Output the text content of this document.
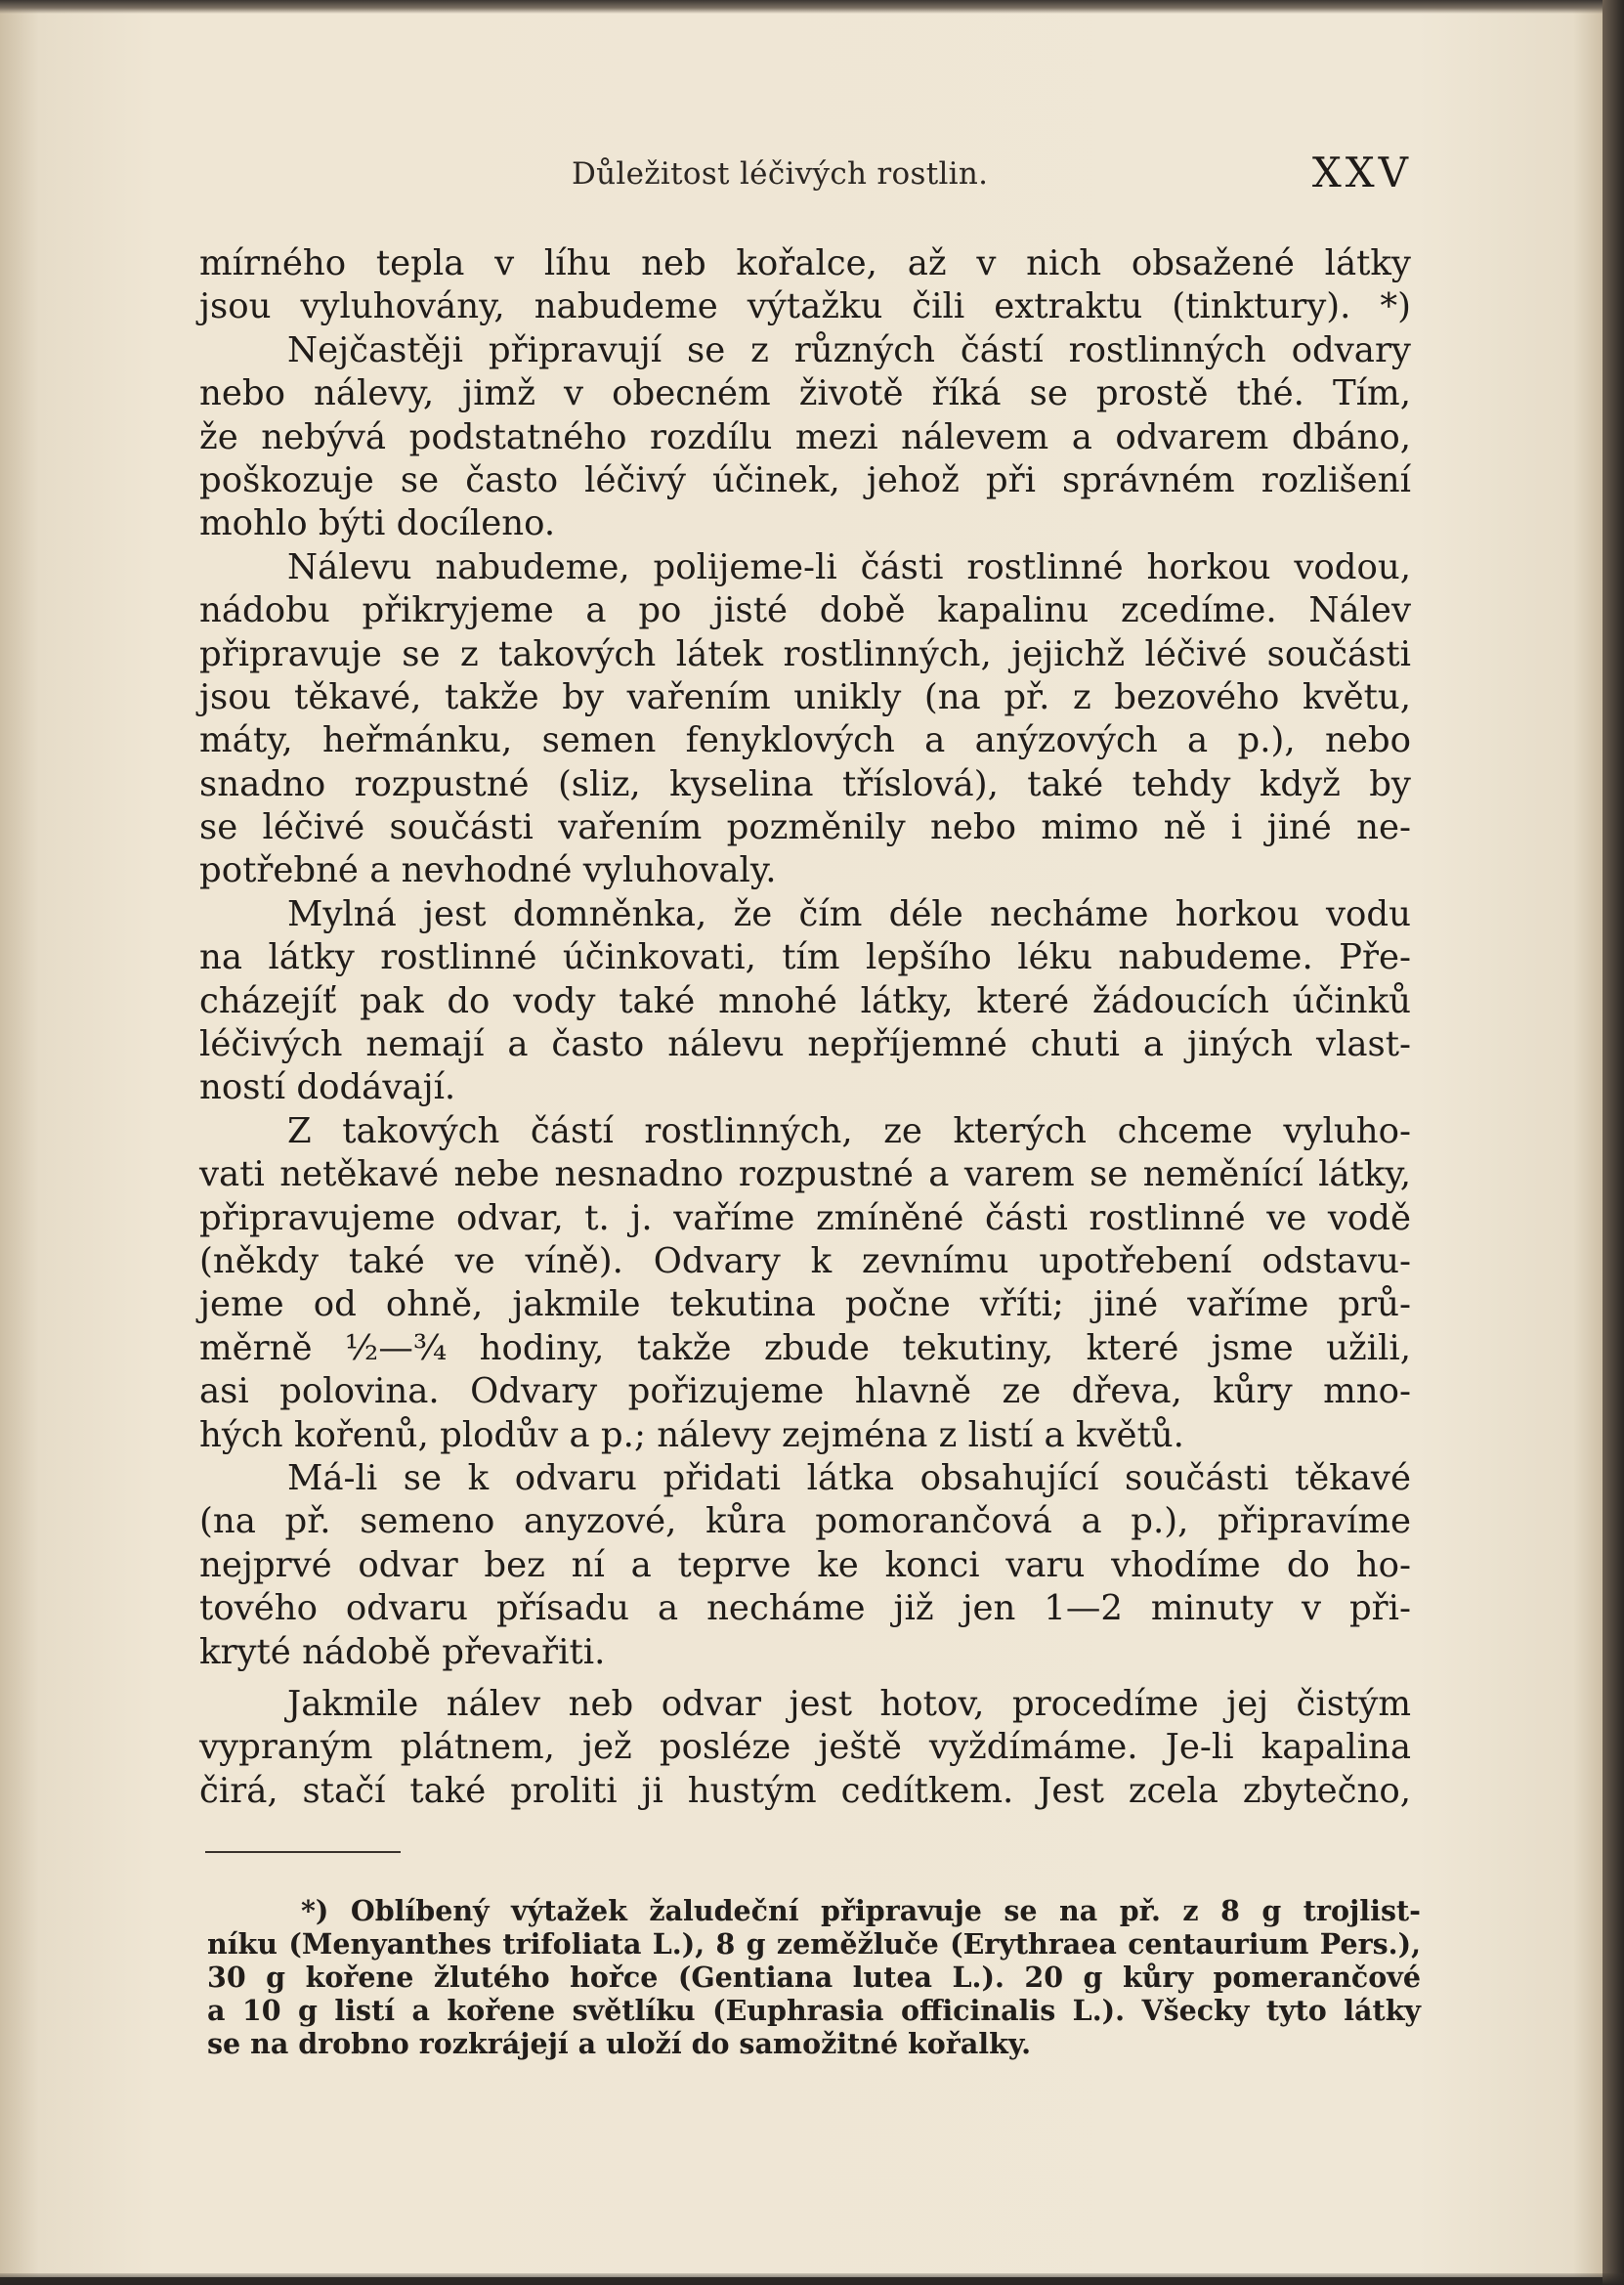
Důležitost léčivých rostlin.	XXV
mírného tepla v líhu neb kořalce, až v nich obsažené látky
jsou vyluhovány, nabudeme výtažku čili extraktu (tinktury). *)
Nejčastěji připravují se z různých částí rostlinných odvary
nebo nálevy, jimž v obecném životě říká se prostě thé. Tím,
že nebývá podstatného rozdílu mezi nálevem a odvarem dbáno,
poškozuje se často léčivý účinek, jehož při správném rozlišení
mohlo býti docíleno.
Nálevu nabudeme, polijeme-li části rostlinné horkou vodou,
nádobu přikryjeme a po jisté době kapalinu zcedíme. Nálev
připravuje se z takových látek rostlinných, jejichž léčivé součásti
jsou těkavé, takže by vařením unikly (na př. z bezového květu,
máty, heřmánku, semen fenyklových a anýzových a p.), nebo
snadno rozpustné (sliz, kyselina tříslová), také tehdy když by
se léčivé součásti vařením pozměnily nebo mimo ně i jiné ne-
potřebné a nevhodné vyluhovaly.
Mylná jest domněnka, že čím déle necháme horkou vodu
na látky rostlinné účinkovati, tím lepšího léku nabudeme. Pře-
cházejíť pak do vody také mnohé látky, které žádoucích účinků
léčivých nemají a často nálevu nepříjemné chuti a jiných vlast-
ností dodávají.
Z takových částí rostlinných, ze kterých chceme vyluho-
vati netěkavé nebe nesnadno rozpustné a varem se neměnící látky,
připravujeme odvar, t. j. vaříme zmíněné části rostlinné ve vodě
(někdy také ve víně). Odvary k zevnímu upotřebení odstavu-
jeme od ohně, jakmile tekutina počne vříti; jiné vaříme prů-
měrně ½—¾ hodiny, takže zbude tekutiny, které jsme užili,
asi polovina. Odvary pořizujeme hlavně ze dřeva, kůry mno-
hých kořenů, plodův a p.; nálevy zejména z listí a květů.
Má-li se k odvaru přidati látka obsahující součásti těkavé
(na př. semeno anyzové, kůra pomorančová a p.), připravíme
nejprvé odvar bez ní a teprve ke konci varu vhodíme do ho-
tového odvaru přísadu a necháme již jen 1—2 minuty v při-
kryté nádobě převařiti.
Jakmile nálev neb odvar jest hotov, procedíme jej čistým
vypraným plátnem, jež posléze ještě vyždímáme. Je-li kapalina
čirá, stačí také proliti ji hustým cedítkem. Jest zcela zbytečno,
*) Oblíbený výtažek žaludeční připravuje se na př. z 8 g trojlist-
níku (Menyanthes trifoliata L.), 8 g zeměžluče (Erythraea centaurium Pers.),
30 g kořene žlutého hořce (Gentiana lutea L.). 20 g kůry pomerančové
a 10 g listí a kořene světlíku (Euphrasia officinalis L.). Všecky tyto látky
se na drobno rozkrájejí a uloží do samožitné kořalky.
